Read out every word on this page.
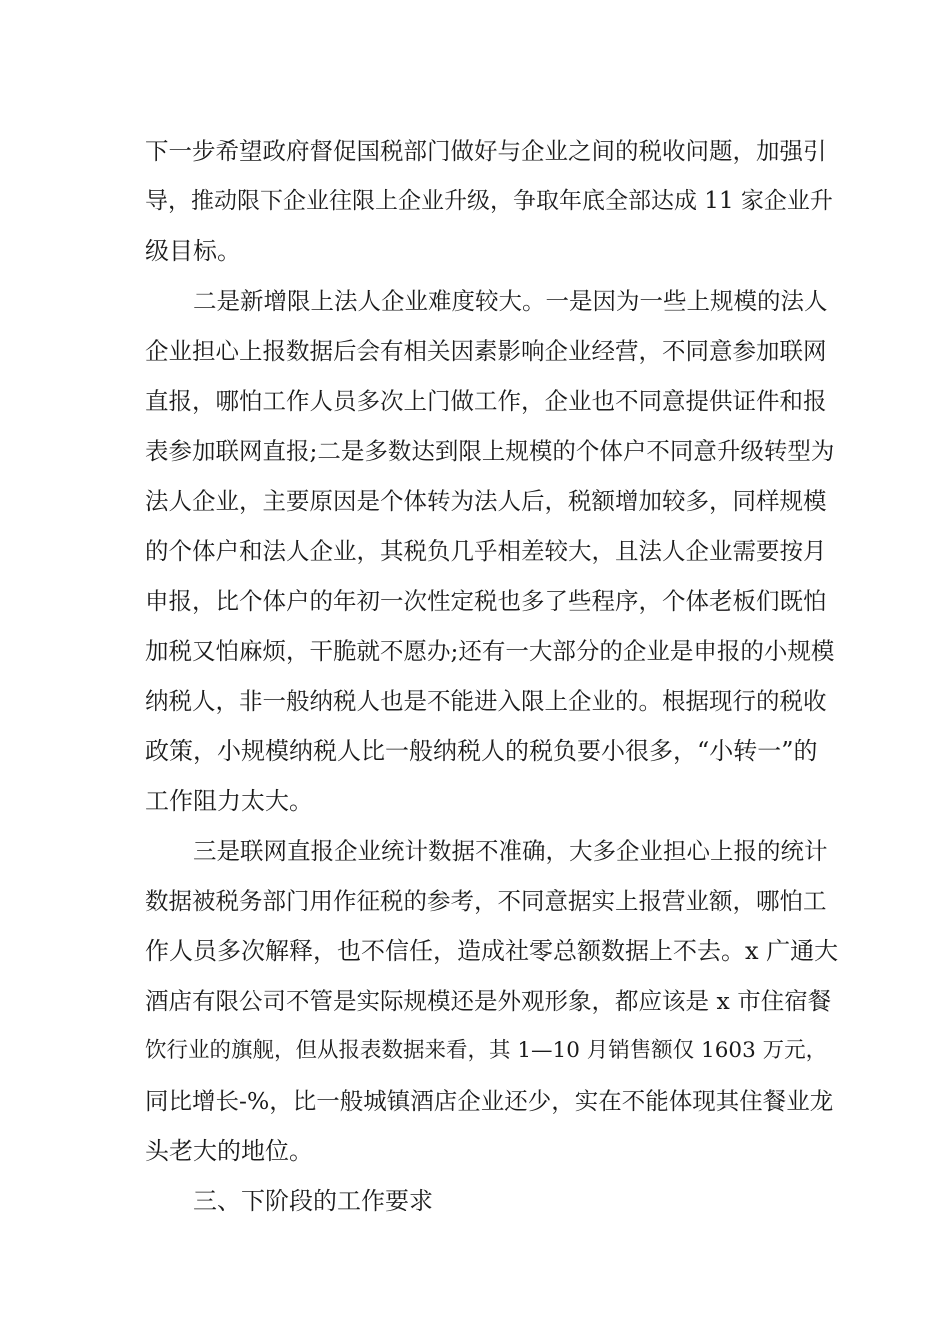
下一步希望政府督促国税部门做好与企业之间的税收问题，加强引
导，推动限下企业往限上企业升级，争取年底全部达成 11 家企业升
级目标。
二是新增限上法人企业难度较大。一是因为一些上规模的法人
企业担心上报数据后会有相关因素影响企业经营，不同意参加联网
直报，哪怕工作人员多次上门做工作，企业也不同意提供证件和报
表参加联网直报;二是多数达到限上规模的个体户不同意升级转型为
法人企业，主要原因是个体转为法人后，税额增加较多，同样规模
的个体户和法人企业，其税负几乎相差较大，且法人企业需要按月
申报，比个体户的年初一次性定税也多了些程序，个体老板们既怕
加税又怕麻烦，干脆就不愿办;还有一大部分的企业是申报的小规模
纳税人，非一般纳税人也是不能进入限上企业的。根据现行的税收
政策，小规模纳税人比一般纳税人的税负要小很多，“小转一”的
工作阻力太大。
三是联网直报企业统计数据不准确，大多企业担心上报的统计
数据被税务部门用作征税的参考，不同意据实上报营业额，哪怕工
作人员多次解释，也不信任，造成社零总额数据上不去。x 广通大
酒店有限公司不管是实际规模还是外观形象，都应该是 x 市住宿餐
饮行业的旗舰，但从报表数据来看，其 1—10 月销售额仅 1603 万元，
同比增长-%，比一般城镇酒店企业还少，实在不能体现其住餐业龙
头老大的地位。
三、下阶段的工作要求
